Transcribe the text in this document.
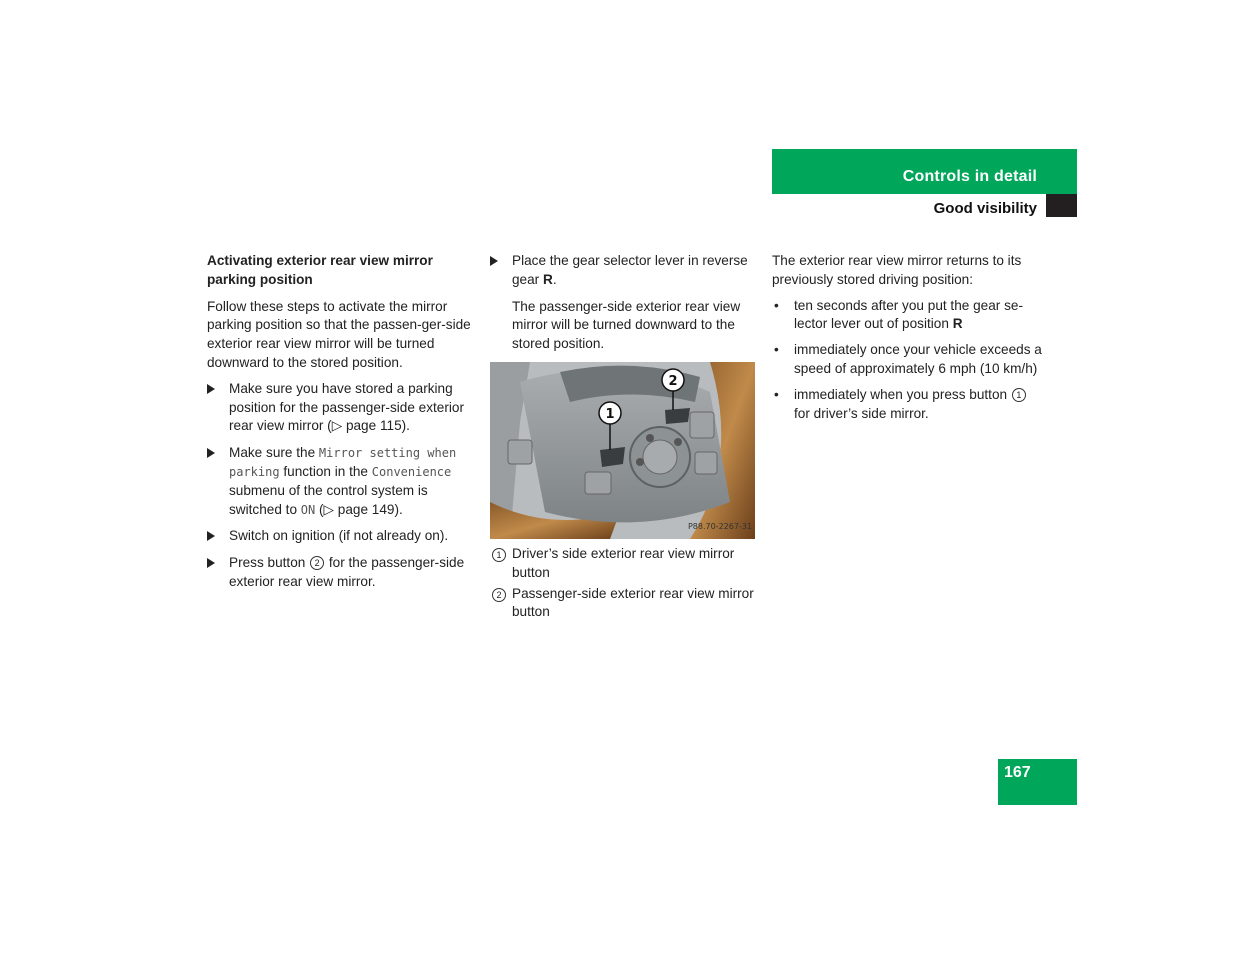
Controls in detail
Good visibility

Activating exterior rear view mirror parking position

Follow these steps to activate the mirror parking position so that the passen-ger-side exterior rear view mirror will be turned downward to the stored position.

Make sure you have stored a parking position for the passenger-side exterior rear view mirror (▷ page 115).
Make sure the Mirror setting when parking function in the Convenience submenu of the control system is switched to ON (▷ page 149).
Switch on ignition (if not already on).
Press button 2 for the passenger-side exterior rear view mirror.
Place the gear selector lever in reverse gear R.
The passenger-side exterior rear view mirror will be turned downward to the stored position.
1
2
P88.70-2267-31
1 Driver’s side exterior rear view mirror button
2 Passenger-side exterior rear view mirror button

The exterior rear view mirror returns to its previously stored driving position:

• ten seconds after you put the gear se-lector lever out of position R
• immediately once your vehicle exceeds a speed of approximately 6 mph (10 km/h)
• immediately when you press button 1 for driver’s side mirror.
167
